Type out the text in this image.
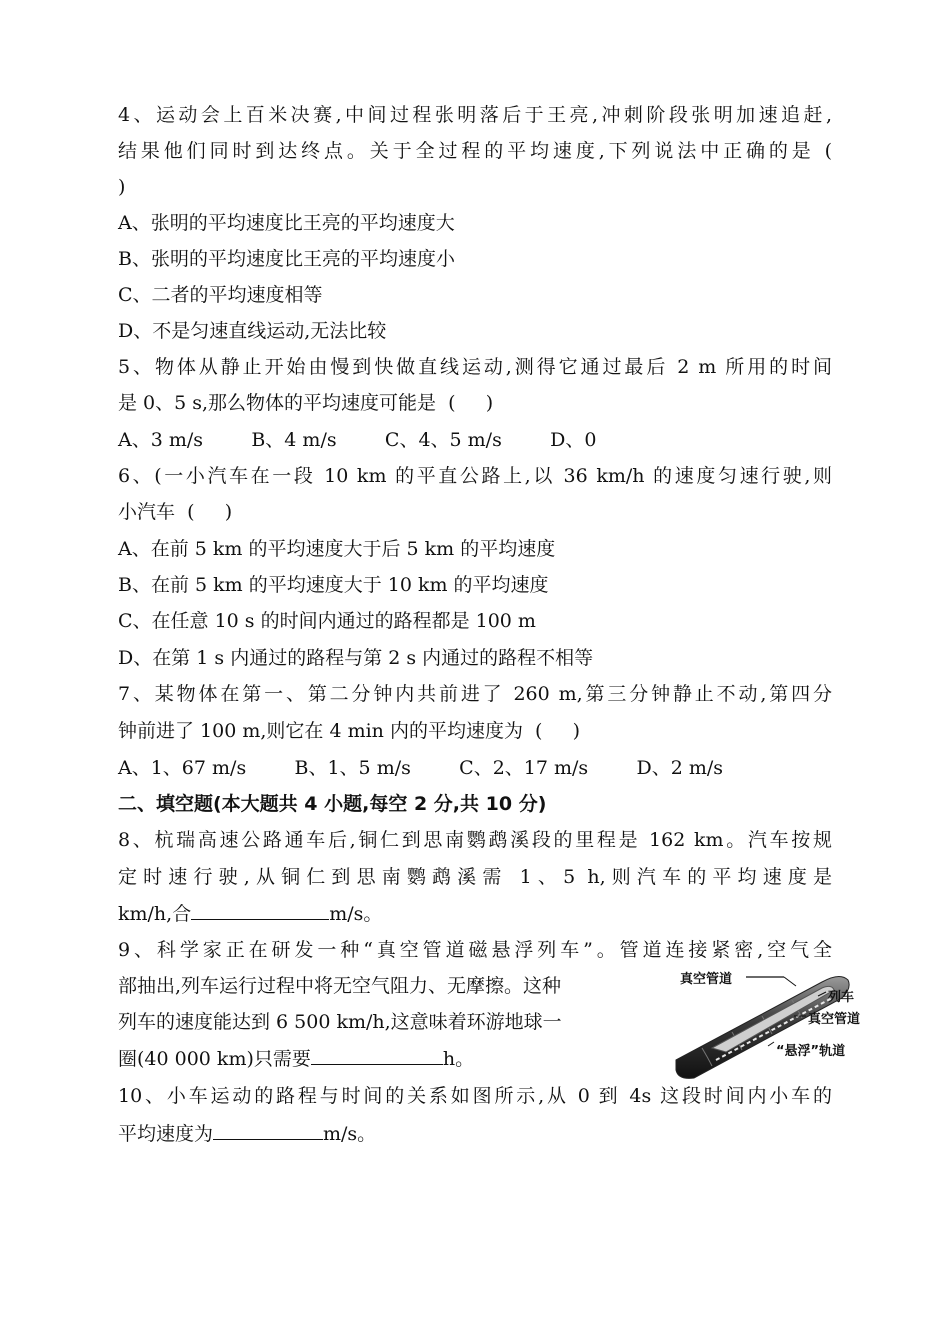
4、运动会上百米决赛,中间过程张明落后于王亮,冲刺阶段张明加速追赶,
结果他们同时到达终点。关于全过程的平均速度,下列说法中正确的是 (
)
A、张明的平均速度比王亮的平均速度大
B、张明的平均速度比王亮的平均速度小
C、二者的平均速度相等
D、不是匀速直线运动,无法比较
5、物体从静止开始由慢到快做直线运动,测得它通过最后 2 m 所用的时间
是 0、5 s,那么物体的平均速度可能是  (     )
A、3 m/s        B、4 m/s        C、4、5 m/s        D、0
6、(一小汽车在一段 10 km 的平直公路上,以 36 km/h 的速度匀速行驶,则
小汽车  (     )
A、在前 5 km 的平均速度大于后 5 km 的平均速度
B、在前 5 km 的平均速度大于 10 km 的平均速度
C、在任意 10 s 的时间内通过的路程都是 100 m
D、在第 1 s 内通过的路程与第 2 s 内通过的路程不相等
7、某物体在第一、第二分钟内共前进了 260 m,第三分钟静止不动,第四分
钟前进了 100 m,则它在 4 min 内的平均速度为  (     )
A、1、67 m/s        B、1、5 m/s        C、2、17 m/s        D、2 m/s
二、填空题(本大题共 4 小题,每空 2 分,共 10 分)
8、杭瑞高速公路通车后,铜仁到思南鹦鹉溪段的里程是 162 km。汽车按规
定时速行驶,从铜仁到思南鹦鹉溪需 1、5 h,则汽车的平均速度是
km/h,合	m/s。
9、科学家正在研发一种“真空管道磁悬浮列车”。管道连接紧密,空气全
部抽出,列车运行过程中将无空气阻力、无摩擦。这种
列车的速度能达到 6 500 km/h,这意味着环游地球一
圈(40 000 km)只需要	h。
真空管道
列车
真空管道
“悬浮”轨道
10、小车运动的路程与时间的关系如图所示,从 0 到 4s 这段时间内小车的
平均速度为	m/s。
